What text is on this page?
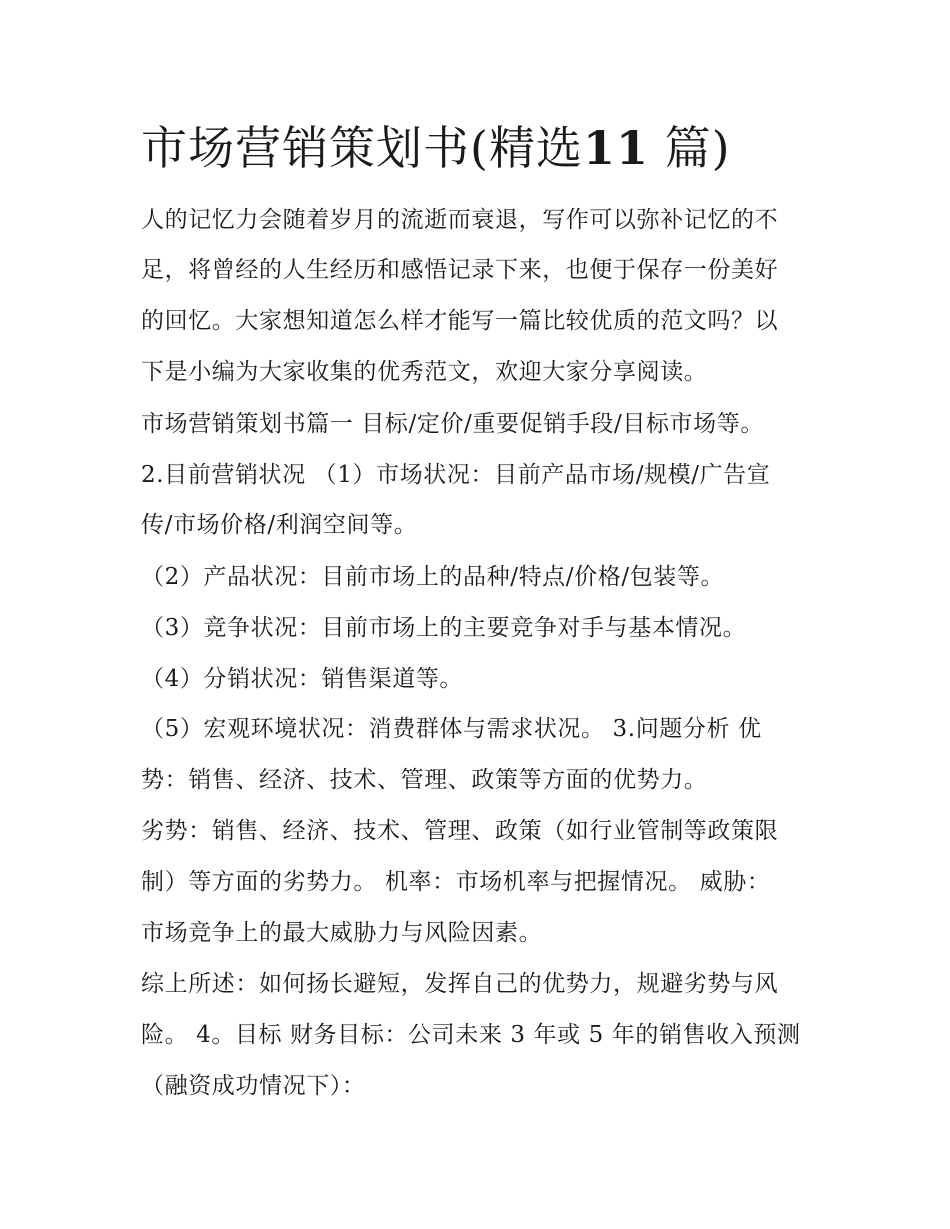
市场营销策划书(精选11 篇)

人的记忆力会随着岁月的流逝而衰退，写作可以弥补记忆的不

足，将曾经的人生经历和感悟记录下来，也便于保存一份美好

的回忆。大家想知道怎么样才能写一篇比较优质的范文吗？以

下是小编为大家收集的优秀范文，欢迎大家分享阅读。

市场营销策划书篇一 目标/定价/重要促销手段/目标市场等。

2.目前营销状况 （1）市场状况：目前产品市场/规模/广告宣

传/市场价格/利润空间等。

（2）产品状况：目前市场上的品种/特点/价格/包装等。

（3）竞争状况：目前市场上的主要竞争对手与基本情况。

（4）分销状况：销售渠道等。

（5）宏观环境状况：消费群体与需求状况。 3.问题分析 优

势：销售、经济、技术、管理、政策等方面的优势力。

劣势：销售、经济、技术、管理、政策（如行业管制等政策限

制）等方面的劣势力。 机率：市场机率与把握情况。 威胁：

市场竞争上的最大威胁力与风险因素。

综上所述：如何扬长避短，发挥自己的优势力，规避劣势与风

险。 4。目标 财务目标：公司未来 3 年或 5 年的销售收入预测

（融资成功情况下）：
